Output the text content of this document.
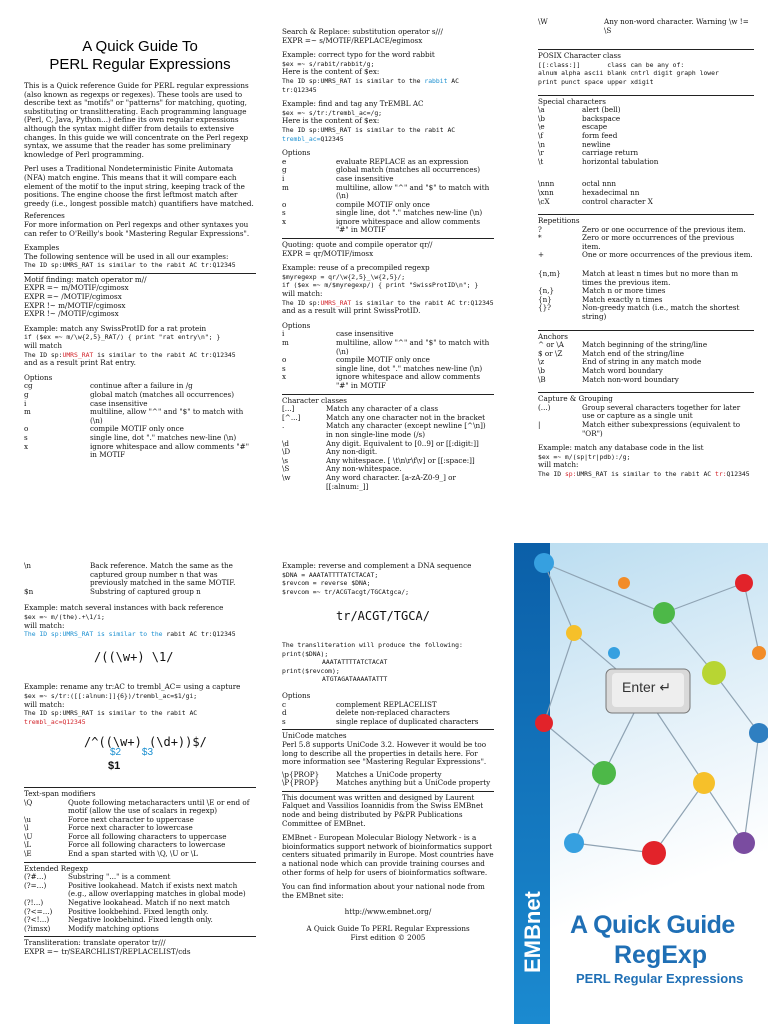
A Quick Guide To
PERL Regular Expressions
This is a Quick reference Guide for PERL regular expressions (also known as regexps or regexes). These tools are used to describe text as "motifs" or "patterns" for matching, quoting, substituting or translitterating. Each programming language (Perl, C, Java, Python...) define its own regular expressions although the syntax might differ from details to extensive changes. In this guide we will concentrate on the Perl regexp syntax, we assume that the reader has some preliminary knowledge of Perl programming.
Perl uses a Traditional Nondeterministic Finite Automata (NFA) match engine. This means that it will compare each element of the motif to the input string, keeping track of the positions. The engine choose the first leftmost match after greedy (i.e., longest possible match) quantifiers have matched.
References
For more information on Perl regexps and other syntaxes you can refer to O'Reilly's book "Mastering Regular Expressions".
Examples
The following sentence will be used in all our examples:
The ID sp:UMRS_RAT is similar to the rabit AC tr:Q12345
Motif finding: match operator m//
EXPR =~ m/MOTIF/cgimosx
EXPR =~ /MOTIF/cgimosx
EXPR !~ m/MOTIF/cgimosx
EXPR !~ /MOTIF/cgimosx
Example: match any SwissProtID for a rat protein
if ($ex =~ m/\w{2,5}_RAT/) { print "rat entry\n"; }
will match
The ID sp:UMRS_RAT is similar to the rabit AC tr:Q12345
and as a result print Rat entry.
Options
cg	continue after a failure in /g
g	global match (matches all occurrences)
i	case insensitive
m	multiline, allow "^" and "$" to match with (\n)
o	compile MOTIF only once
s	single line, dot "." matches new-line (\n)
x	ignore whitespace and allow comments "#" in MOTIF
\n	Back reference. Match the same as the captured group number n that was previously matched in the same MOTIF.
$n	Substring of captured group n
Example: match several instances with back reference
$ex =~ m/(the).+\1/i;
will match:
The ID sp:UMRS_RAT is similar to the rabit AC tr:Q12345
/((\w+) \1/
Example: rename any tr:AC to trembl_AC= using a capture
$ex =~ s/tr:([[:alnum:]]{6})/trembl_ac=$1/gi;
will match:
The ID sp:UMRS_RAT is similar to the rabit AC trembl_ac=Q12345
/^((\w+) (\d+))$/
$2 $3
$1
Text-span modifiers
\Q	Quote following metacharacters until \E or end of motif (allow the use of scalars in regexp)
\u	Force next character to uppercase
\l	Force next character to lowercase
\U	Force all following characters to uppercase
\L	Force all following characters to lowercase
\E	End a span started with \Q, \U or \L
Extended Regexp
(?#...)	Substring "..." is a comment
(?=...)	Positive lookahead. Match if exists next match (e.g., allow overlapping matches in global mode)
(?!...)	Negative lookahead. Match if no next match
(?<=...)	Positive lookbehind. Fixed length only.
(?<!...)	Negative lookbehind. Fixed length only.
(?imsx)	Modify matching options
Transliteration: translate operator tr///
EXPR =~ tr/SEARCHLIST/REPLACELIST/cds
Search & Replace: substitution operator s///
EXPR =~ s/MOTIF/REPLACE/egimosx
Example: correct typo for the word rabbit
$ex =~ s/rabit/rabbit/g;
Here is the content of $ex:
The ID sp:UMRS_RAT is similar to the rabbit AC tr:Q12345
Example: find and tag any TrEMBL AC
$ex =~ s/tr:/trembl_ac=/g;
Here is the content of $ex:
The ID sp:UMRS_RAT is similar to the rabit AC trembl_ac=Q12345
Options
e	evaluate REPLACE as an expression
g	global match (matches all occurrences)
i	case insensitive
m	multiline, allow "^" and "$" to match with (\n)
o	compile MOTIF only once
s	single line, dot "." matches new-line (\n)
x	ignore whitespace and allow comments "#" in MOTIF
Quoting: quote and compile operator qr//
EXPR = qr/MOTIF/imosx
Example: reuse of a precompiled regexp
$myregexp = qr/\w{2,5}_\w{2,5}/;
if ($ex =~ m/$myregexp/) { print "SwissProtID\n"; }
will match:
The ID sp:UMRS_RAT is similar to the rabit AC tr:Q12345
and as a result will print SwissProtID.
Options
i	case insensitive
m	multiline, allow "^" and "$" to match with (\n)
o	compile MOTIF only once
s	single line, dot "." matches new-line (\n)
x	ignore whitespace and allow comments "#" in MOTIF
Character classes
[...]	Match any character of a class
[^...]	Match any one character not in the bracket
.	Match any character (except newline [^\n]) in non single-line mode (/s)
\d	Any digit. Equivalent to [0..9] or [[:digit:]]
\D	Any non-digit.
\s	Any whitespace. [ \t\n\r\f\v] or [[:space:]]
\S	Any non-whitespace.
\w	Any word character. [a-zA-Z0-9_] or [[:alnum:_]]
Example: reverse and complement a DNA sequence
$DNA = AAATATTTTATCTACAT;
$revcom = reverse $DNA;
$revcom =~ tr/ACGTacgt/TGCAtgca/;
tr/ACGT/TGCA/
The transliteration will produce the following:
print($DNA);
AAATATTTTATCTACAT
print($revcom);
ATGTAGATAAAATATTT
Options
c	complement REPLACELIST
d	delete non-replaced characters
s	single replace of duplicated characters
UniCode matches
Perl 5.8 supports UniCode 3.2. However it would be too long to describe all the properties in details here. For more information see "Mastering Regular Expressions".
\p{PROP}	Matches a UniCode property
\P{PROP}	Matches anything but a UniCode property
This document was written and designed by Laurent Falquet and Vassilios Ioannidis from the Swiss EMBnet node and being distributed by P&PR Publications Committee of EMBnet.
EMBnet - European Molecular Biology Network - is a bioinformatics support network of bioinformatics support centers situated primarily in Europe. Most countries have a national node which can provide training courses and other forms of help for users of bioinformatics software.
You can find information about your national node from the EMBnet site:
http://www.embnet.org/
A Quick Guide To PERL Regular Expressions
First edition © 2005
\W	Any non-word character. Warning \w != \S
POSIX Character class
[[:class:]]       class can be any of:
alnum alpha ascii blank cntrl digit graph lower
print punct space upper xdigit
Special characters
\a	alert (bell)
\b	backspace
\e	escape
\f	form feed
\n	newline
\r	carriage return
\t	horizontal tabulation
\nnn	octal nnn
\xnn	hexadecimal nn
\cX	control character X
Repetitions
?	Zero or one occurrence of the previous item.
*	Zero or more occurrences of the previous item.
+	One or more occurrences of the previous item.
{n,m}	Match at least n times but no more than m times the previous item.
{n,}	Match n or more times
{n}	Match exactly n times
{}?	Non-greedy match (i.e., match the shortest string)
Anchors
^ or \A	Match beginning of the string/line
$ or \Z	Match end of the string/line
\z	End of string in any match mode
\b	Match word boundary
\B	Match non-word boundary
Capture & Grouping
(...)	Group several characters together for later use or capture as a single unit
|	Match either subexpressions (equivalent to "OR")
Example: match any database code in the list
$ex =~ m/(sp|tr|pdb):/g;
will match:
The ID sp:UMRS_RAT is similar to the rabit AC tr:Q12345
Enter ↵
EMBnet A Quick Guide
RegExp
PERL Regular Expressions
